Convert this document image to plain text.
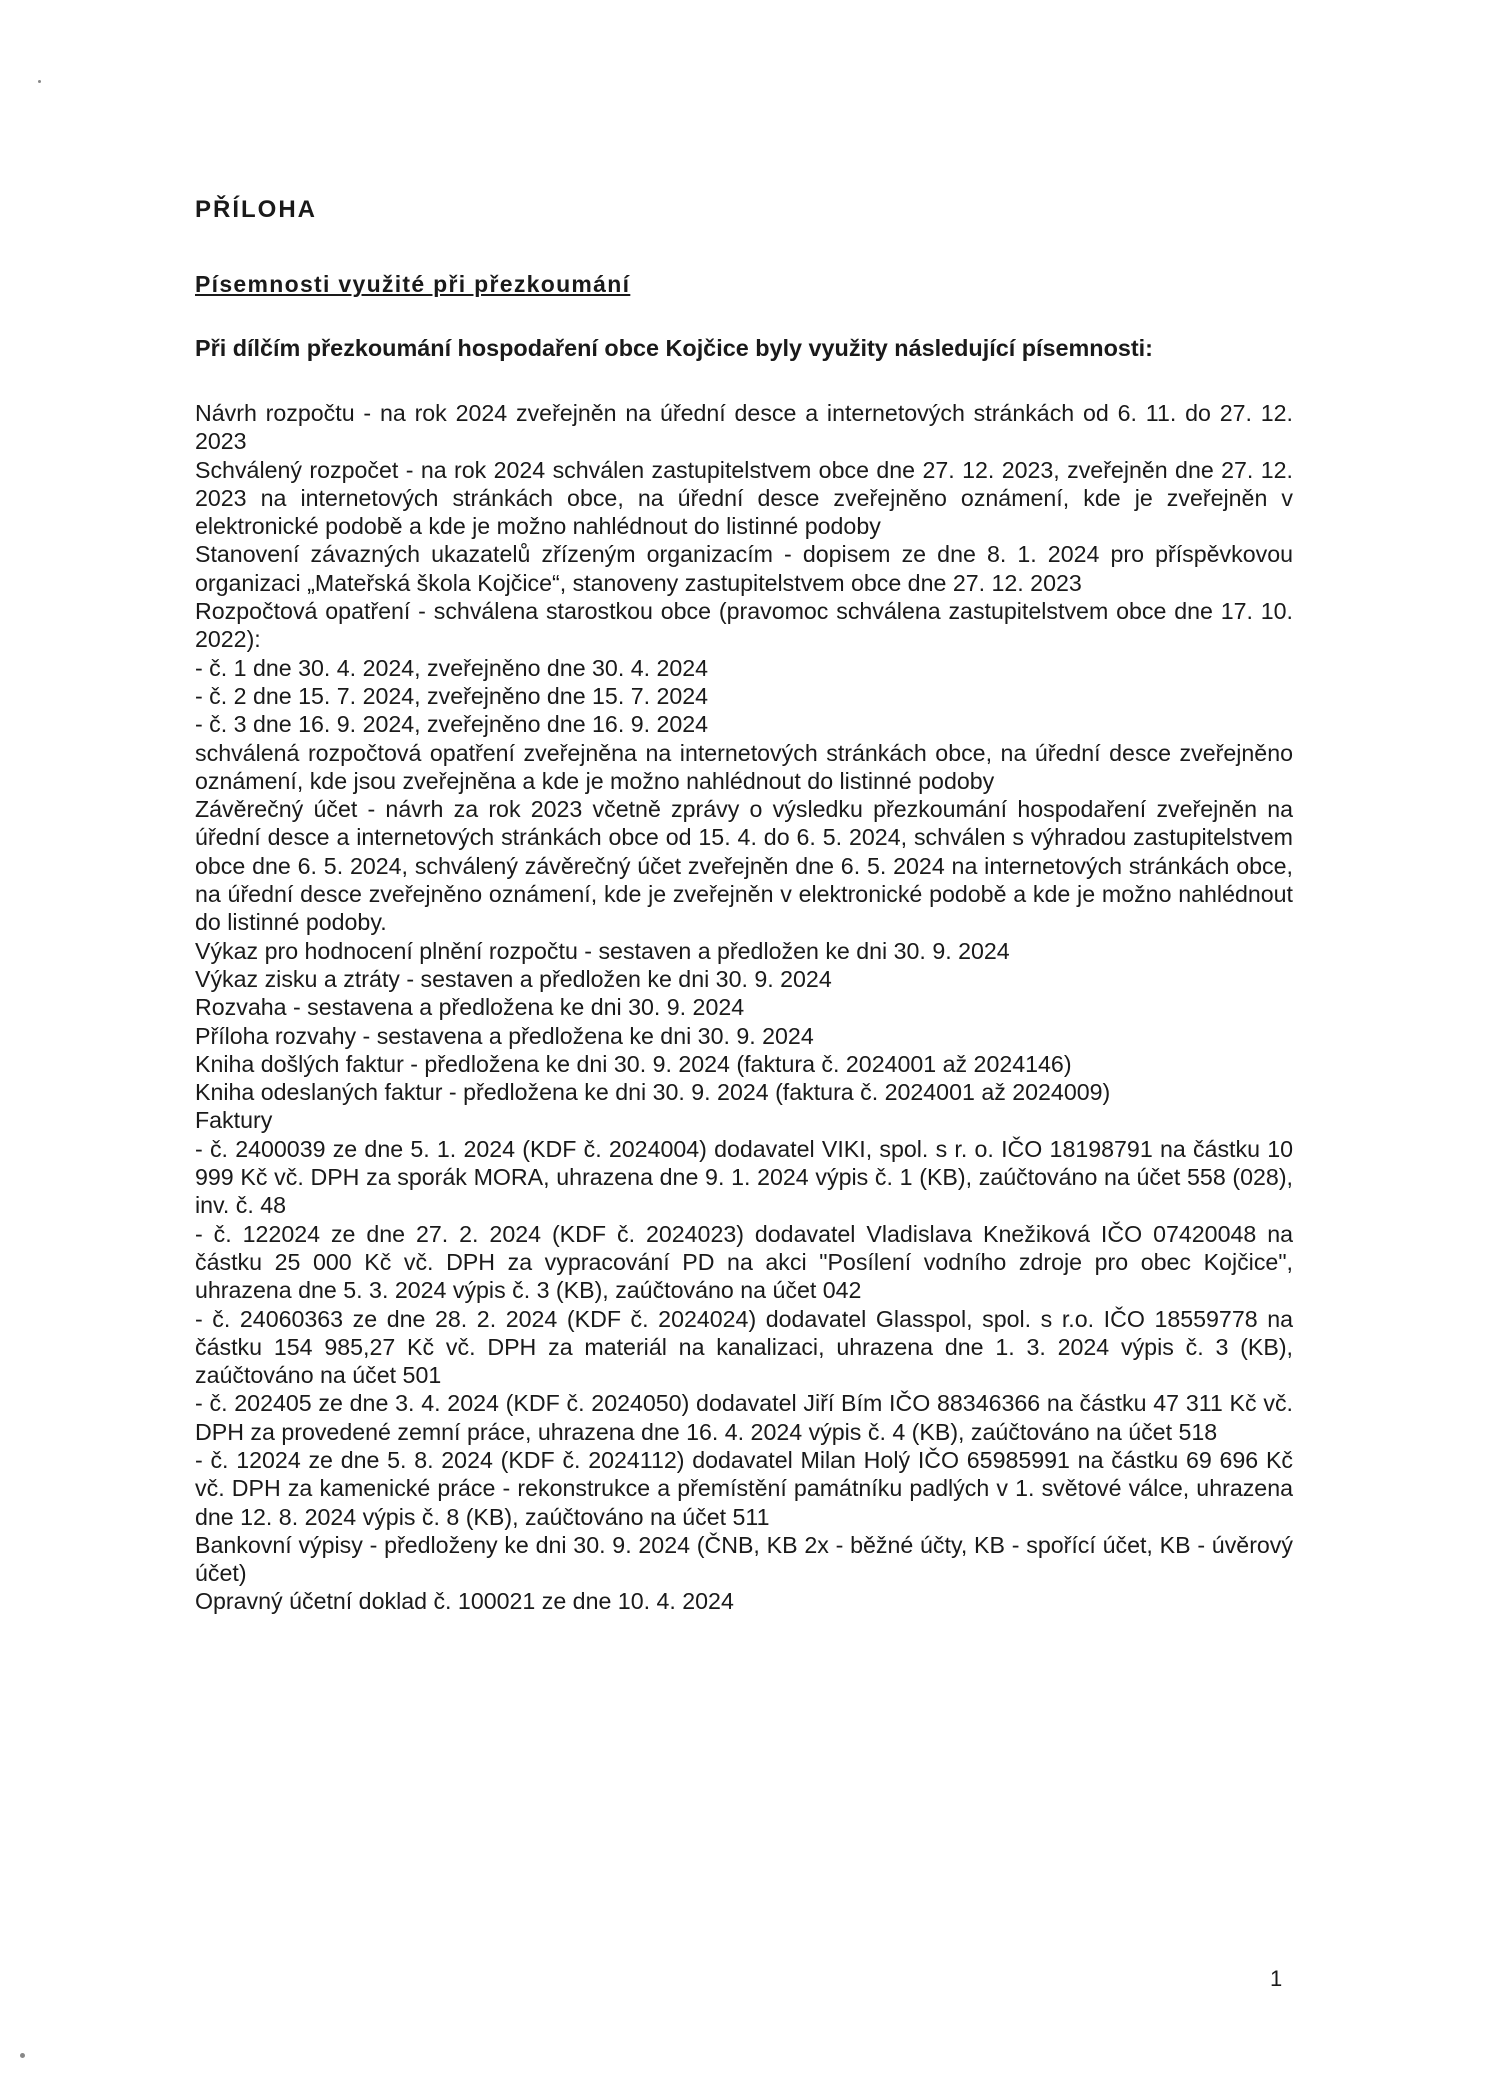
PŘÍLOHA
Písemnosti využité při přezkoumání

Při dílčím přezkoumání hospodaření obce Kojčice byly využity následující písemnosti:

Návrh rozpočtu - na rok 2024 zveřejněn na úřední desce a internetových stránkách od 6. 11. do 27. 12. 2023

Schválený rozpočet - na rok 2024 schválen zastupitelstvem obce dne 27. 12. 2023, zveřejněn dne 27. 12. 2023 na internetových stránkách obce, na úřední desce zveřejněno oznámení, kde je zveřejněn v elektronické podobě a kde je možno nahlédnout do listinné podoby

Stanovení závazných ukazatelů zřízeným organizacím - dopisem ze dne 8. 1. 2024 pro příspěvkovou organizaci „Mateřská škola Kojčice“, stanoveny zastupitelstvem obce dne 27. 12. 2023

Rozpočtová opatření - schválena starostkou obce (pravomoc schválena zastupitelstvem obce dne 17. 10. 2022):

- č. 1 dne 30. 4. 2024, zveřejněno dne 30. 4. 2024

- č. 2 dne 15. 7. 2024, zveřejněno dne 15. 7. 2024

- č. 3 dne 16. 9. 2024, zveřejněno dne 16. 9. 2024

schválená rozpočtová opatření zveřejněna na internetových stránkách obce, na úřední desce zveřejněno oznámení, kde jsou zveřejněna a kde je možno nahlédnout do listinné podoby

Závěrečný účet - návrh za rok 2023 včetně zprávy o výsledku přezkoumání hospodaření zveřejněn na úřední desce a internetových stránkách obce od 15. 4. do 6. 5. 2024, schválen s výhradou zastupitelstvem obce dne 6. 5. 2024, schválený závěrečný účet zveřejněn dne 6. 5. 2024 na internetových stránkách obce, na úřední desce zveřejněno oznámení, kde je zveřejněn v elektronické podobě a kde je možno nahlédnout do listinné podoby.

Výkaz pro hodnocení plnění rozpočtu - sestaven a předložen ke dni 30. 9. 2024

Výkaz zisku a ztráty - sestaven a předložen ke dni 30. 9. 2024

Rozvaha - sestavena a předložena ke dni 30. 9. 2024

Příloha rozvahy - sestavena a předložena ke dni 30. 9. 2024

Kniha došlých faktur - předložena ke dni 30. 9. 2024 (faktura č. 2024001 až 2024146)

Kniha odeslaných faktur - předložena ke dni 30. 9. 2024 (faktura č. 2024001 až 2024009)

Faktury

- č. 2400039 ze dne 5. 1. 2024 (KDF č. 2024004) dodavatel VIKI, spol. s r. o. IČO 18198791 na částku 10 999 Kč vč. DPH za sporák MORA, uhrazena dne 9. 1. 2024 výpis č. 1 (KB), zaúčtováno na účet 558 (028), inv. č. 48

- č. 122024 ze dne 27. 2. 2024 (KDF č. 2024023) dodavatel Vladislava Knežiková IČO 07420048 na částku 25 000 Kč vč. DPH za vypracování PD na akci "Posílení vodního zdroje pro obec Kojčice", uhrazena dne 5. 3. 2024 výpis č. 3 (KB), zaúčtováno na účet 042

- č. 24060363 ze dne 28. 2. 2024 (KDF č. 2024024) dodavatel Glasspol, spol. s r.o. IČO 18559778 na částku 154 985,27 Kč vč. DPH za materiál na kanalizaci, uhrazena dne 1. 3. 2024 výpis č. 3 (KB), zaúčtováno na účet 501

- č. 202405 ze dne 3. 4. 2024 (KDF č. 2024050) dodavatel Jiří Bím IČO 88346366 na částku 47 311 Kč vč. DPH za provedené zemní práce, uhrazena dne 16. 4. 2024 výpis č. 4 (KB), zaúčtováno na účet 518

- č. 12024 ze dne 5. 8. 2024 (KDF č. 2024112) dodavatel Milan Holý IČO 65985991 na částku 69 696 Kč vč. DPH za kamenické práce - rekonstrukce a přemístění památníku padlých v 1. světové válce, uhrazena dne 12. 8. 2024 výpis č. 8 (KB), zaúčtováno na účet 511

Bankovní výpisy - předloženy ke dni 30. 9. 2024 (ČNB, KB 2x - běžné účty, KB - spořící účet, KB - úvěrový účet)

Opravný účetní doklad č. 100021 ze dne 10. 4. 2024

1
